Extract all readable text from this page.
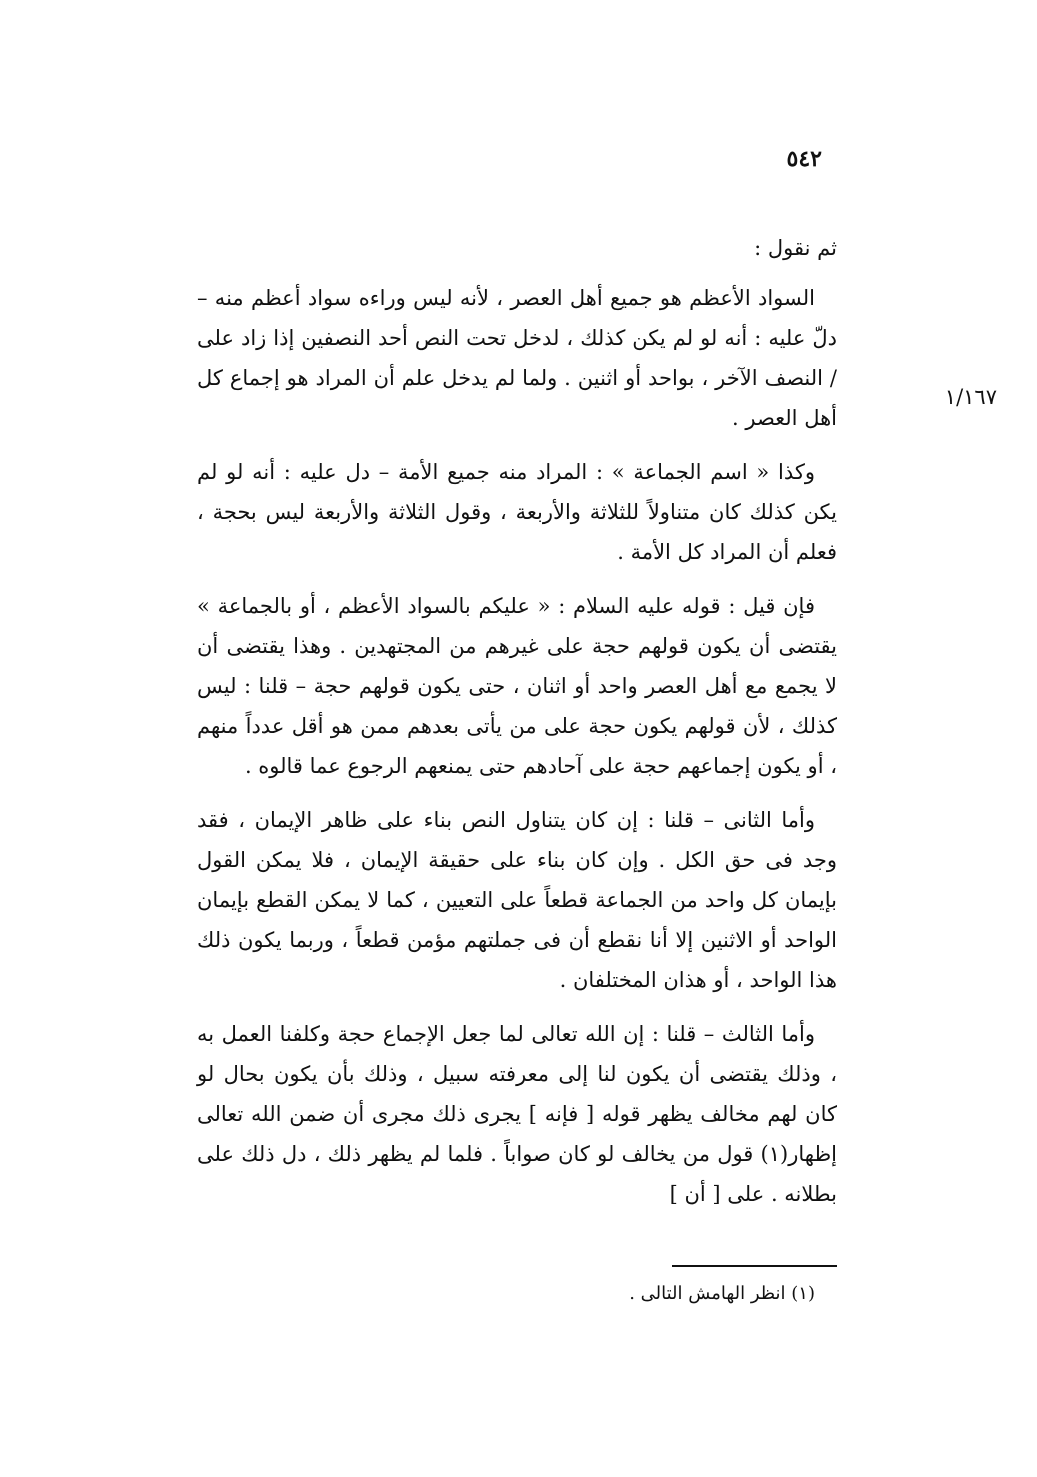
٥٤٢
١/١٦٧

ثم نقول :

السواد الأعظم هو جميع أهل العصر ، لأنه ليس وراءه سواد أعظم منه – دلّ عليه : أنه لو لم يكن كذلك ، لدخل تحت النص أحد النصفين إذا زاد على / النصف الآخر ، بواحد أو اثنين . ولما لم يدخل علم أن المراد هو إجماع كل أهل العصر .

وكذا « اسم الجماعة » : المراد منه جميع الأمة – دل عليه : أنه لو لم يكن كذلك كان متناولاً للثلاثة والأربعة ، وقول الثلاثة والأربعة ليس بحجة ، فعلم أن المراد كل الأمة .

فإن قيل : قوله عليه السلام : « عليكم بالسواد الأعظم ، أو بالجماعة » يقتضى أن يكون قولهم حجة على غيرهم من المجتهدين . وهذا يقتضى أن لا يجمع مع أهل العصر واحد أو اثنان ، حتى يكون قولهم حجة – قلنا : ليس كذلك ، لأن قولهم يكون حجة على من يأتى بعدهم ممن هو أقل عدداً منهم ، أو يكون إجماعهم حجة على آحادهم حتى يمنعهم الرجوع عما قالوه .

وأما الثانى – قلنا : إن كان يتناول النص بناء على ظاهر الإيمان ، فقد وجد فى حق الكل . وإن كان بناء على حقيقة الإيمان ، فلا يمكن القول بإيمان كل واحد من الجماعة قطعاً على التعيين ، كما لا يمكن القطع بإيمان الواحد أو الاثنين إلا أنا نقطع أن فى جملتهم مؤمن قطعاً ، وربما يكون ذلك هذا الواحد ، أو هذان المختلفان .

وأما الثالث – قلنا : إن الله تعالى لما جعل الإجماع حجة وكلفنا العمل به ، وذلك يقتضى أن يكون لنا إلى معرفته سبيل ، وذلك بأن يكون بحال لو كان لهم مخالف يظهر قوله [ فإنه ] يجرى ذلك مجرى أن ضمن الله تعالى إظهار(١) قول من يخالف لو كان صواباً . فلما لم يظهر ذلك ، دل ذلك على بطلانه . على [ أن ]

(١) انظر الهامش التالى .
